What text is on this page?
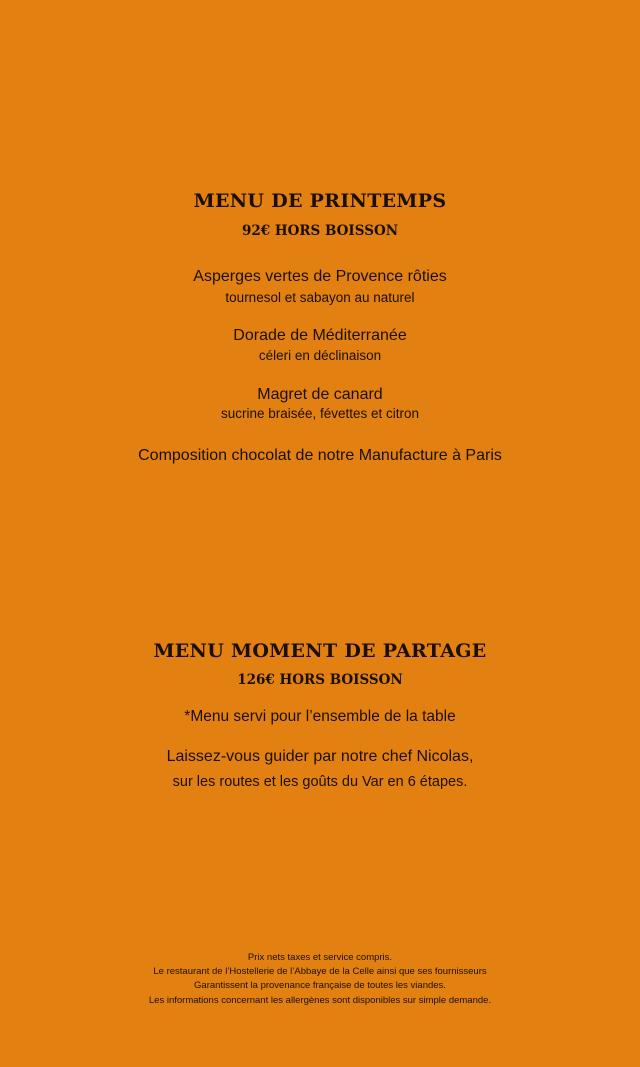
MENU DE PRINTEMPS
92€ HORS BOISSON
Asperges vertes de Provence rôties
tournesol et sabayon au naturel
Dorade de Méditerranée
céleri en déclinaison
Magret de canard
sucrine braisée, févettes et citron
Composition chocolat de notre Manufacture à Paris
MENU MOMENT DE PARTAGE
126€ HORS BOISSON
*Menu servi pour l’ensemble de la table
Laissez-vous guider par notre chef Nicolas,
sur les routes et les goûts du Var en 6 étapes.
Prix nets taxes et service compris.
Le restaurant de l’Hostellerie de l’Abbaye de la Celle ainsi que ses fournisseurs
Garantissent la provenance française de toutes les viandes.
Les informations concernant les allergènes sont disponibles sur simple demande.
